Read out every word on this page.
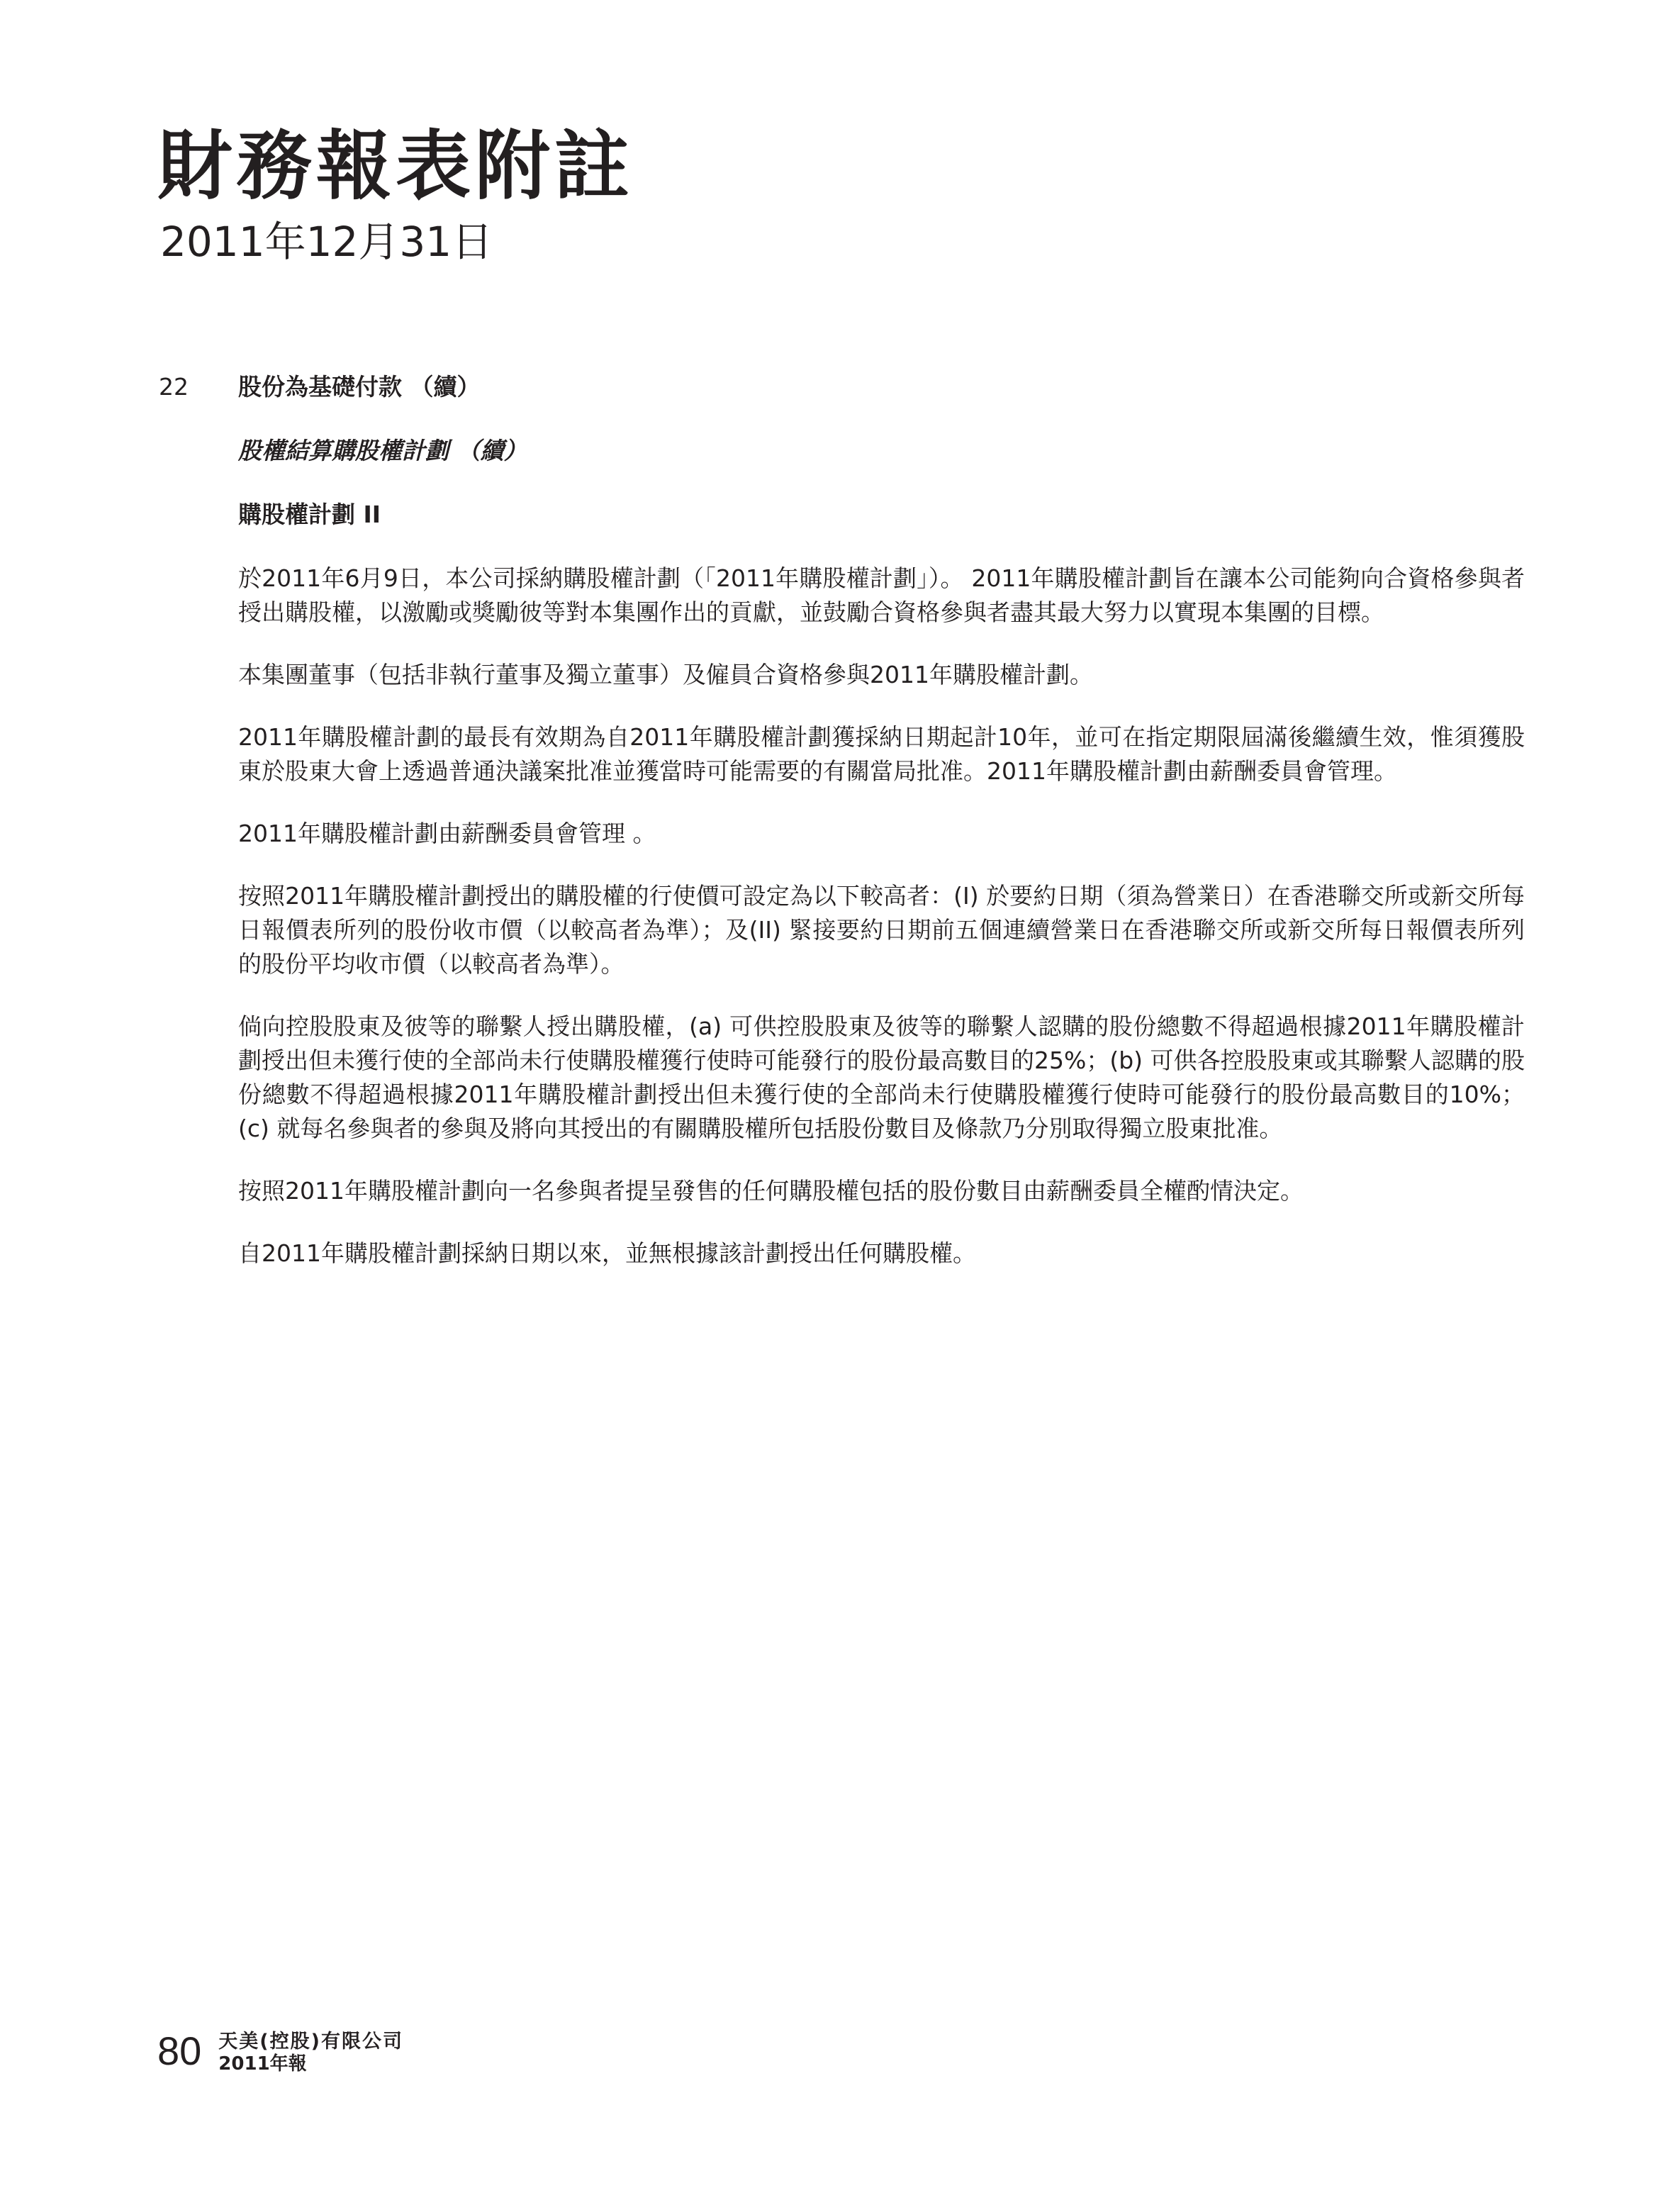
財務報表附註
2011年12月31日
22 股份為基礎付款 （續）
股權結算購股權計劃 （續）
購股權計劃 II

於2011年6月9日，本公司採納購股權計劃（「2011年購股權計劃」）。 2011年購股權計劃旨在讓本公司能夠向合資格參與者授出購股權，以激勵或獎勵彼等對本集團作出的貢獻，並鼓勵合資格參與者盡其最大努力以實現本集團的目標。

本集團董事（包括非執行董事及獨立董事）及僱員合資格參與2011年購股權計劃。

2011年購股權計劃的最長有效期為自2011年購股權計劃獲採納日期起計10年，並可在指定期限屆滿後繼續生效，惟須獲股東於股東大會上透過普通決議案批准並獲當時可能需要的有關當局批准。2011年購股權計劃由薪酬委員會管理。

2011年購股權計劃由薪酬委員會管理 。

按照2011年購股權計劃授出的購股權的行使價可設定為以下較高者：(I) 於要約日期（須為營業日）在香港聯交所或新交所每日報價表所列的股份收市價（以較高者為準）；及(II) 緊接要約日期前五個連續營業日在香港聯交所或新交所每日報價表所列的股份平均收市價（以較高者為準）。

倘向控股股東及彼等的聯繫人授出購股權，(a) 可供控股股東及彼等的聯繫人認購的股份總數不得超過根據2011年購股權計劃授出但未獲行使的全部尚未行使購股權獲行使時可能發行的股份最高數目的25%；(b) 可供各控股股東或其聯繫人認購的股份總數不得超過根據2011年購股權計劃授出但未獲行使的全部尚未行使購股權獲行使時可能發行的股份最高數目的10%；(c) 就每名參與者的參與及將向其授出的有關購股權所包括股份數目及條款乃分別取得獨立股東批准。

按照2011年購股權計劃向一名參與者提呈發售的任何購股權包括的股份數目由薪酬委員全權酌情決定。

自2011年購股權計劃採納日期以來，並無根據該計劃授出任何購股權。

80 天美(控股)有限公司
2011年報
